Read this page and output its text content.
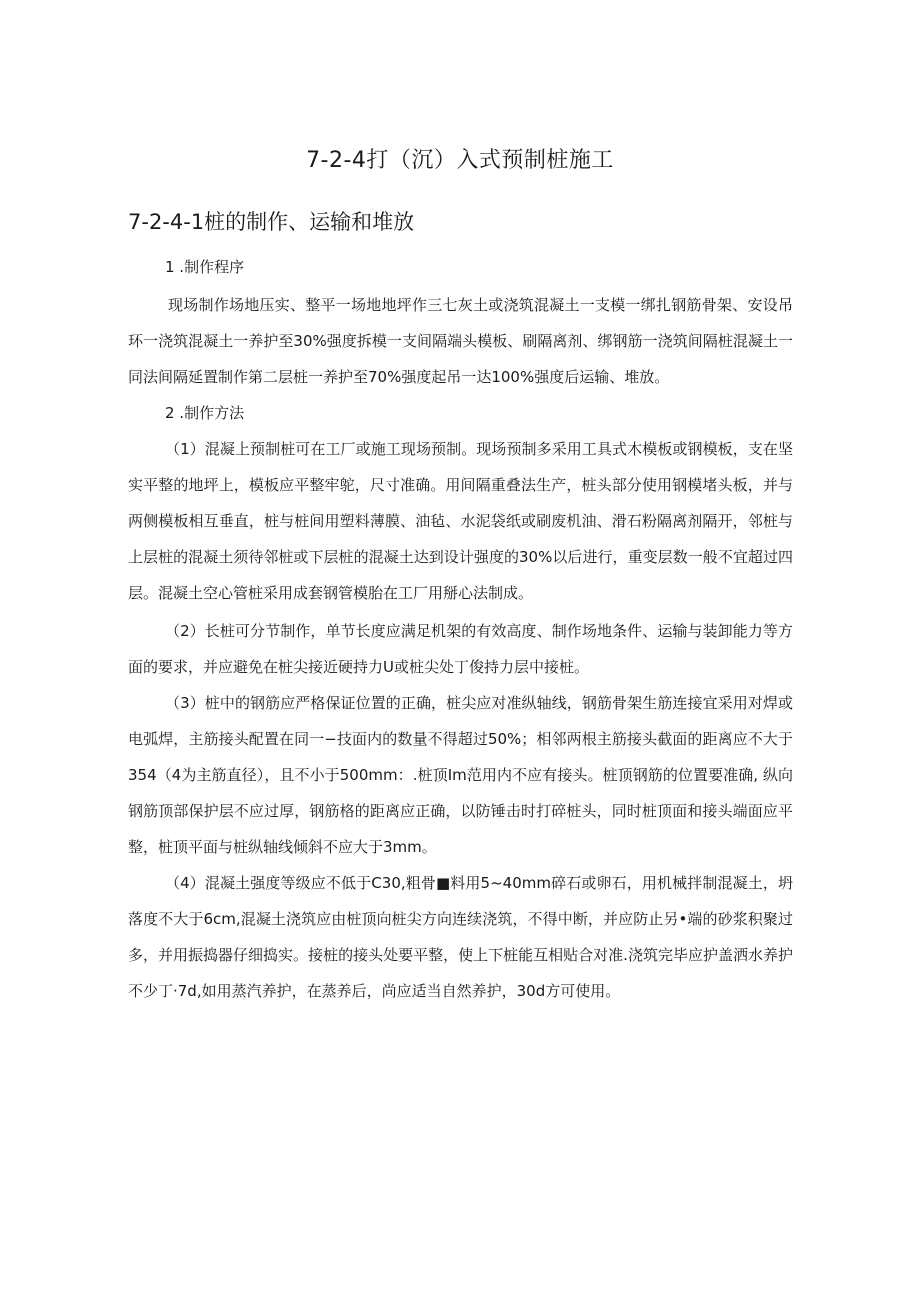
7-2-4打（沉）入式预制桩施工
7-2-4-1桩的制作、运输和堆放

1 .制作程序

现场制作场地压实、整平一场地地坪作三七灰土或浇筑混凝土一支模一绑扎钢筋骨架、安设吊环一浇筑混凝土一养护至30%强度拆模一支间隔端头模板、刷隔离剂、绑钢筋一浇筑间隔桩混凝土一同法间隔延置制作第二层桩一养护至70%强度起吊一达100%强度后运输、堆放。

2 .制作方法

（1）混凝上预制桩可在工厂或施工现场预制。现场预制多采用工具式木模板或钢模板，支在坚实平整的地坪上，模板应平整牢鸵，尺寸准确。用间隔重叠法生产，桩头部分使用钢模堵头板，并与两侧模板相互垂直，桩与桩间用塑料薄膜、油毡、水泥袋纸或刷废机油、滑石粉隔离剂隔开，邻桩与上层桩的混凝土须待邻桩或下层桩的混凝土达到设计强度的30%以后进行，重变层数一般不宜超过四层。混凝土空心管桩采用成套钢管模胎在工厂用掰心法制成。

（2）长桩可分节制作，单节长度应满足机架的有效高度、制作场地条件、运输与装卸能力等方面的要求，并应避免在桩尖接近硬持力U或桩尖处丁俊持力层中接桩。

（3）桩中的钢筋应严格保证位置的正确，桩尖应对准纵轴线，钢筋骨架生筋连接宜采用对焊或电弧焊，主筋接头配置在同一−技面内的数量不得超过50%；相邻两根主筋接头截面的距离应不大于354（4为主筋直径），且不小于500mm：.桩顶Im范用内不应有接头。桩顶钢筋的位置要准确, 纵向钢筋顶部保护层不应过厚，钢筋格的距离应正确，以防锤击时打碎桩头，同时桩顶面和接头端面应平整，桩顶平面与桩纵轴线倾斜不应大于3mm。

（4）混凝土强度等级应不低于C30,粗骨■料用5~40mm碎石或卵石，用机械拌制混凝土，坍落度不大于6cm,混凝土浇筑应由桩顶向桩尖方向连续浇筑，不得中断，并应防止另•端的砂浆积聚过多，并用振捣器仔细捣实。接桩的接头处要平整，使上下桩能互相贴合对准.浇筑完毕应护盖洒水养护不少丁·7d,如用蒸汽养护，在蒸养后，尚应适当自然养护，30d方可使用。
